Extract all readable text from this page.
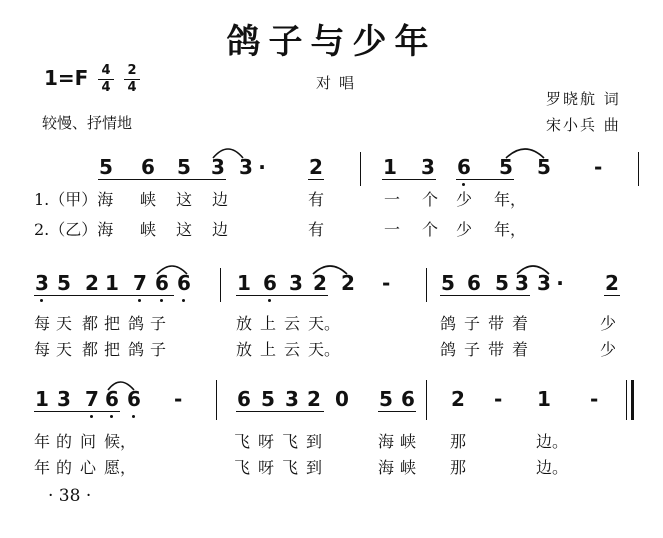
鸽子与少年
1=F 4
4
2
4	对唱
较慢、抒情地
罗晓航 词
宋小兵 曲
5 6 5 3 3 · 2	1 3 6 5 5 -
1.（甲）海 峡 这 边	有	一 个 少 年，
2.（乙）海 峡 这 边	有	一 个 少 年，
3 5 2 1 7 6 6 1 6 3 2 2 -	5 6 5 3 3 · 2
每 天 都 把 鸽 子	放 上 云 天。	鸽 子 带 着	少
每 天 都 把 鸽 子	放 上 云 天。	鸽 子 带 着	少
1 3 7 6 6 -	6 5 3 2 0 5 6 2 - 1 -
年 的 问 候，	飞 呀 飞 到	海 峡 那	边。
年 的 心 愿，	飞 呀 飞 到	海 峡 那	边。
· 38 ·
